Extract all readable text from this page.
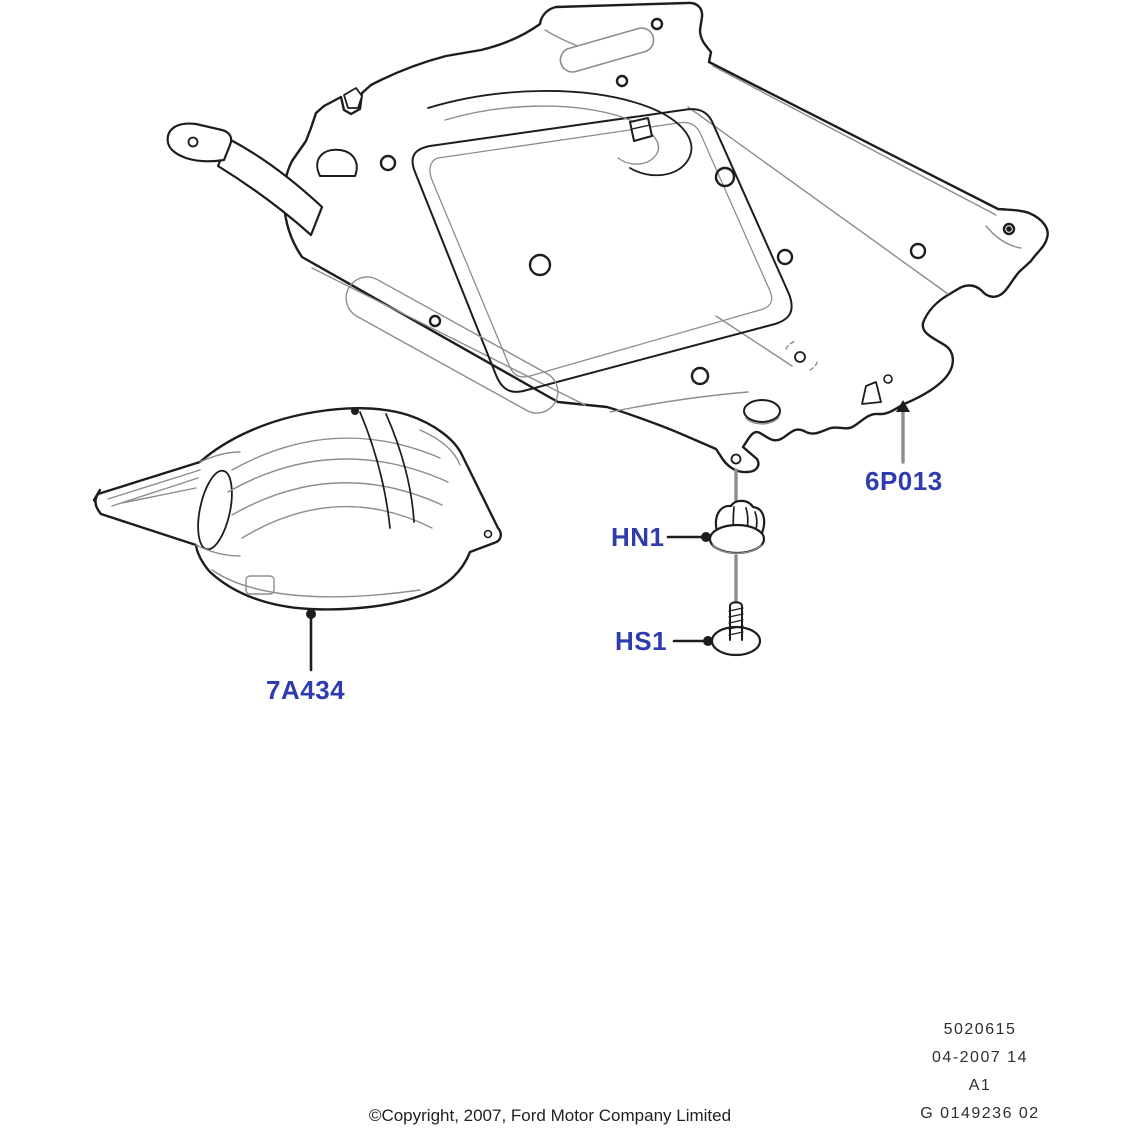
6P013
HN1
HS1
7A434
5020615
04-2007 14
A1
G 0149236 02
©Copyright, 2007, Ford Motor Company Limited
